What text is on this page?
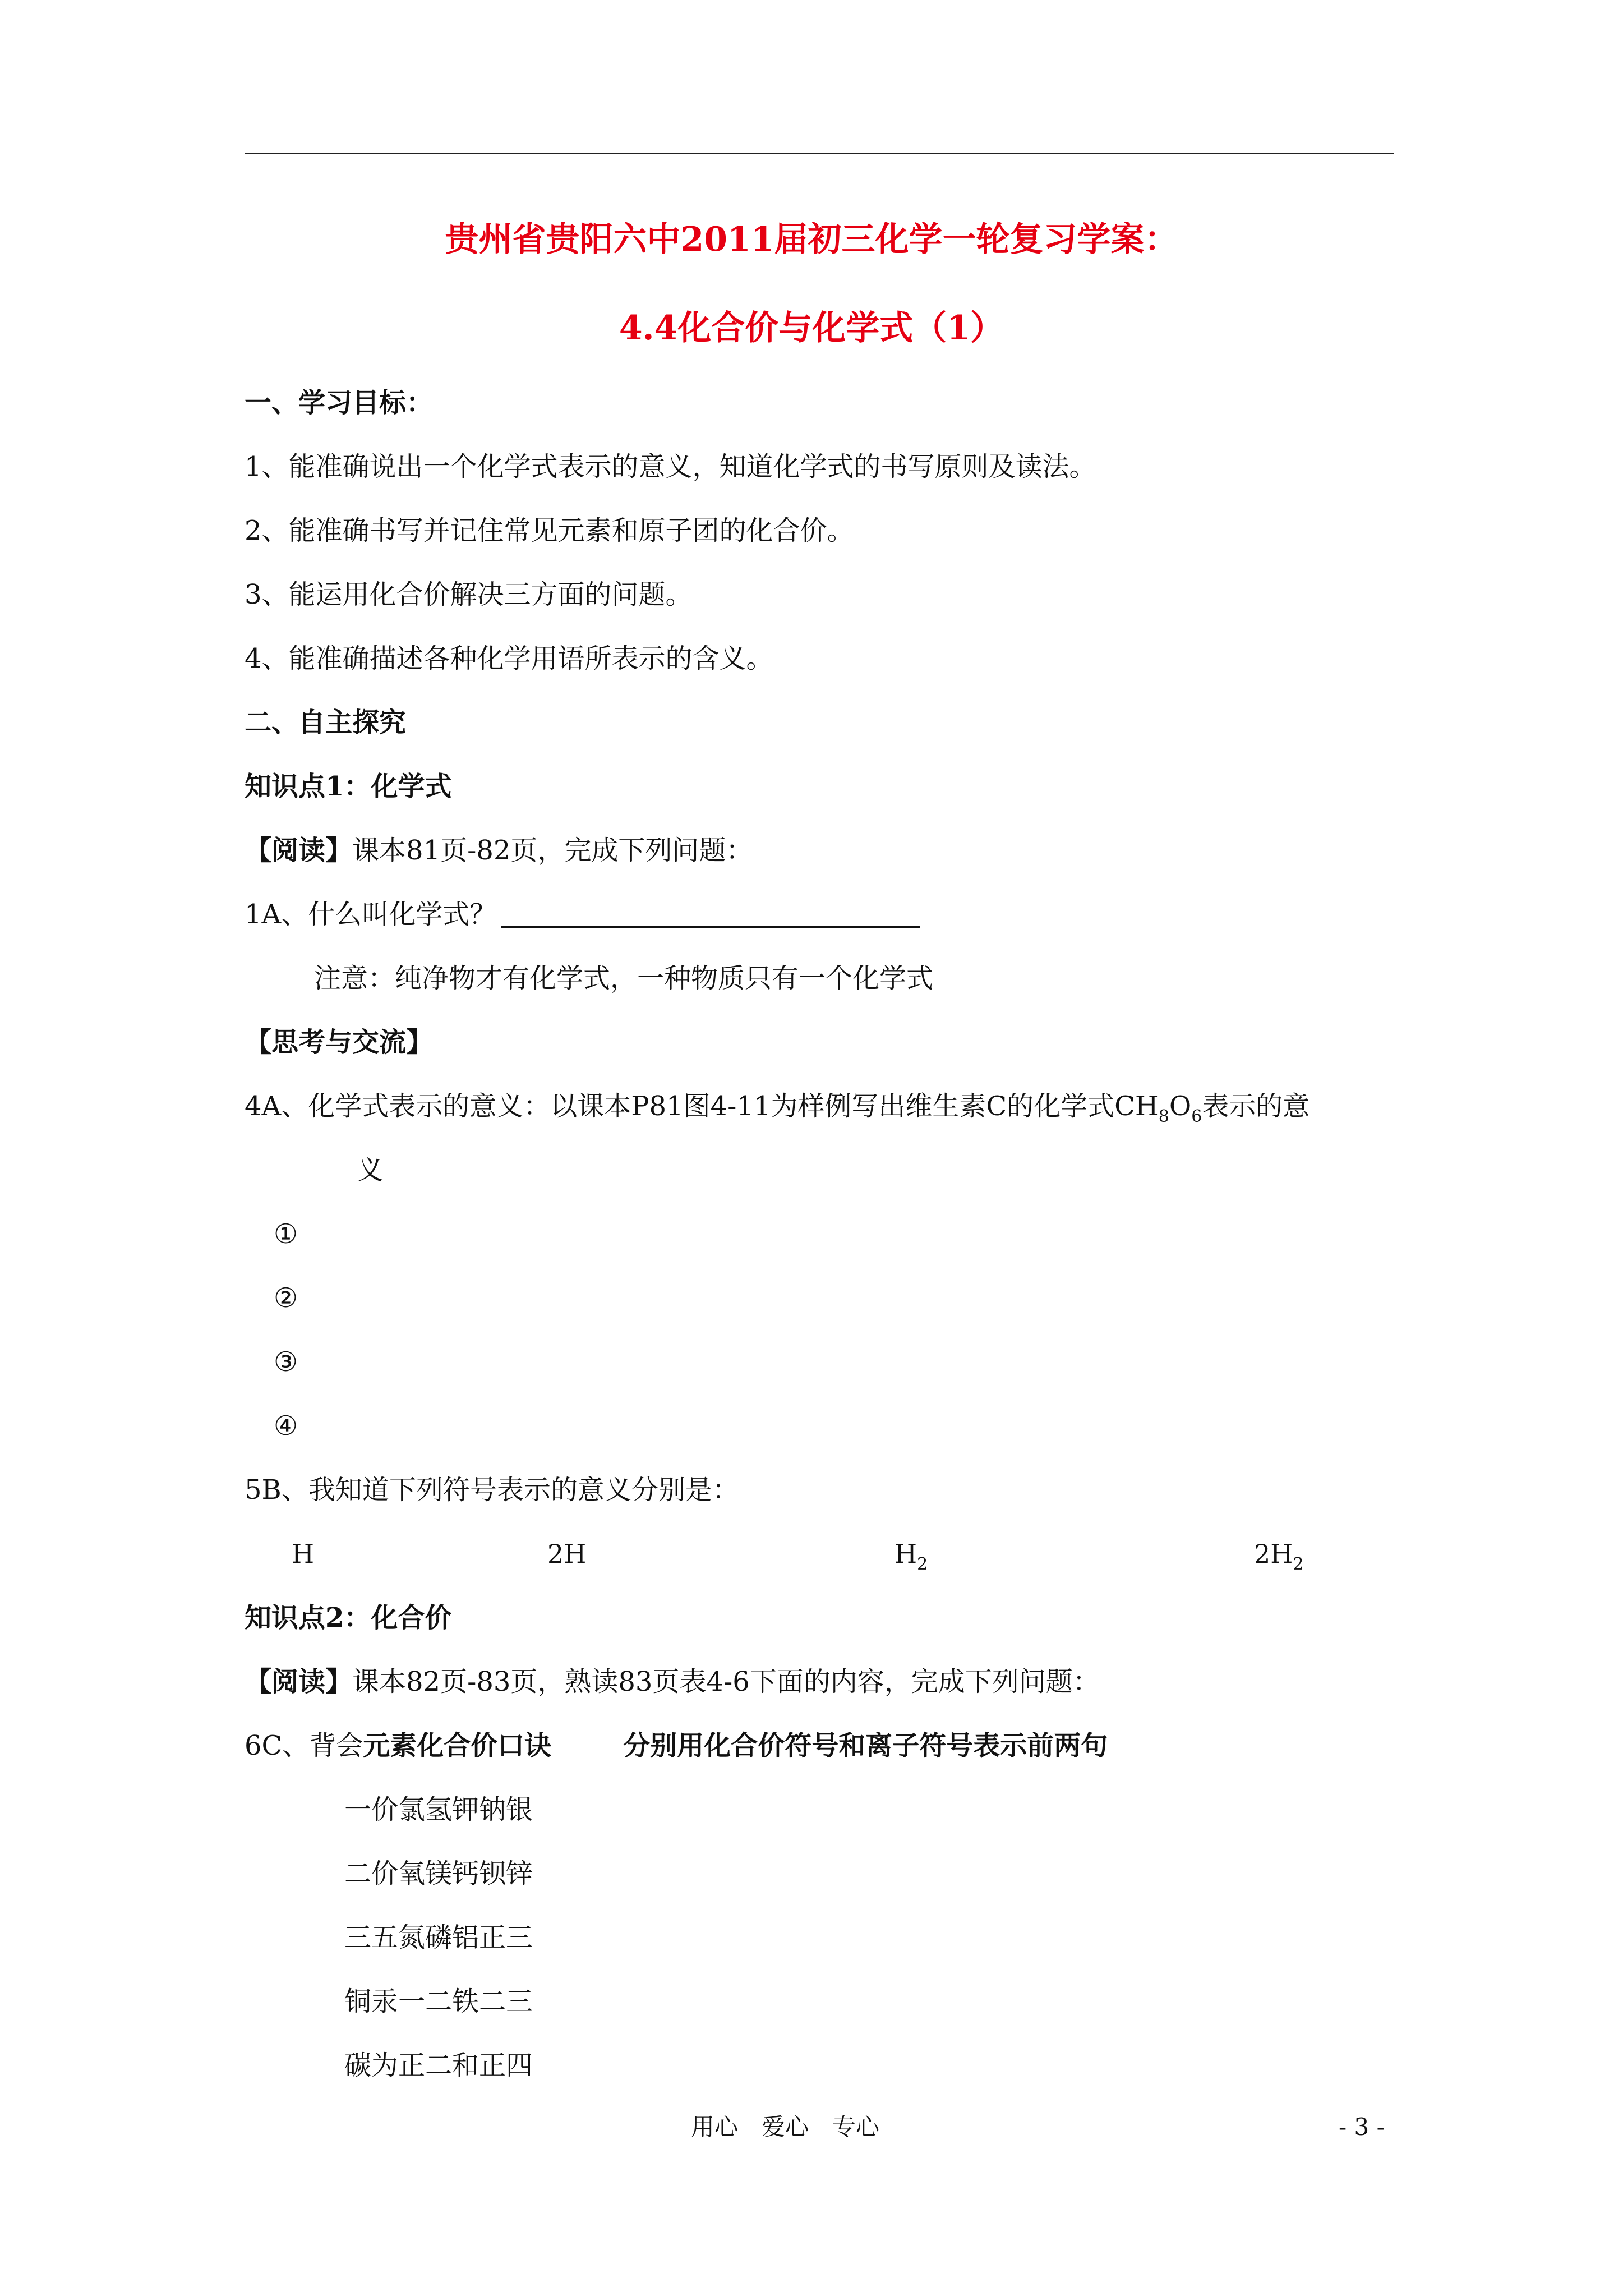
贵州省贵阳六中2011届初三化学一轮复习学案：
4.4化合价与化学式（1）
一、学习目标：
1、能准确说出一个化学式表示的意义，知道化学式的书写原则及读法。
2、能准确书写并记住常见元素和原子团的化合价。
3、能运用化合价解决三方面的问题。
4、能准确描述各种化学用语所表示的含义。
二、自主探究
知识点1：化学式
【阅读】课本81页-82页，完成下列问题：
1A、什么叫化学式？
注意：纯净物才有化学式，一种物质只有一个化学式
【思考与交流】
4A、化学式表示的意义：以课本P81图4-11为样例写出维生素C的化学式$CH_8O_6$表示的意
义
①
②
③
④
5B、我知道下列符号表示的意义分别是：
H	2H	$H_2$	$2H_2$
知识点2：化合价
【阅读】课本82页-83页，熟读83页表4-6下面的内容，完成下列问题：
6C、背会元素化合价口诀	分别用化合价符号和离子符号表示前两句
一价氯氢钾钠银
二价氧镁钙钡锌
三五氮磷铝正三
铜汞一二铁二三
碳为正二和正四
用心　爱心　专心	- 3 -
